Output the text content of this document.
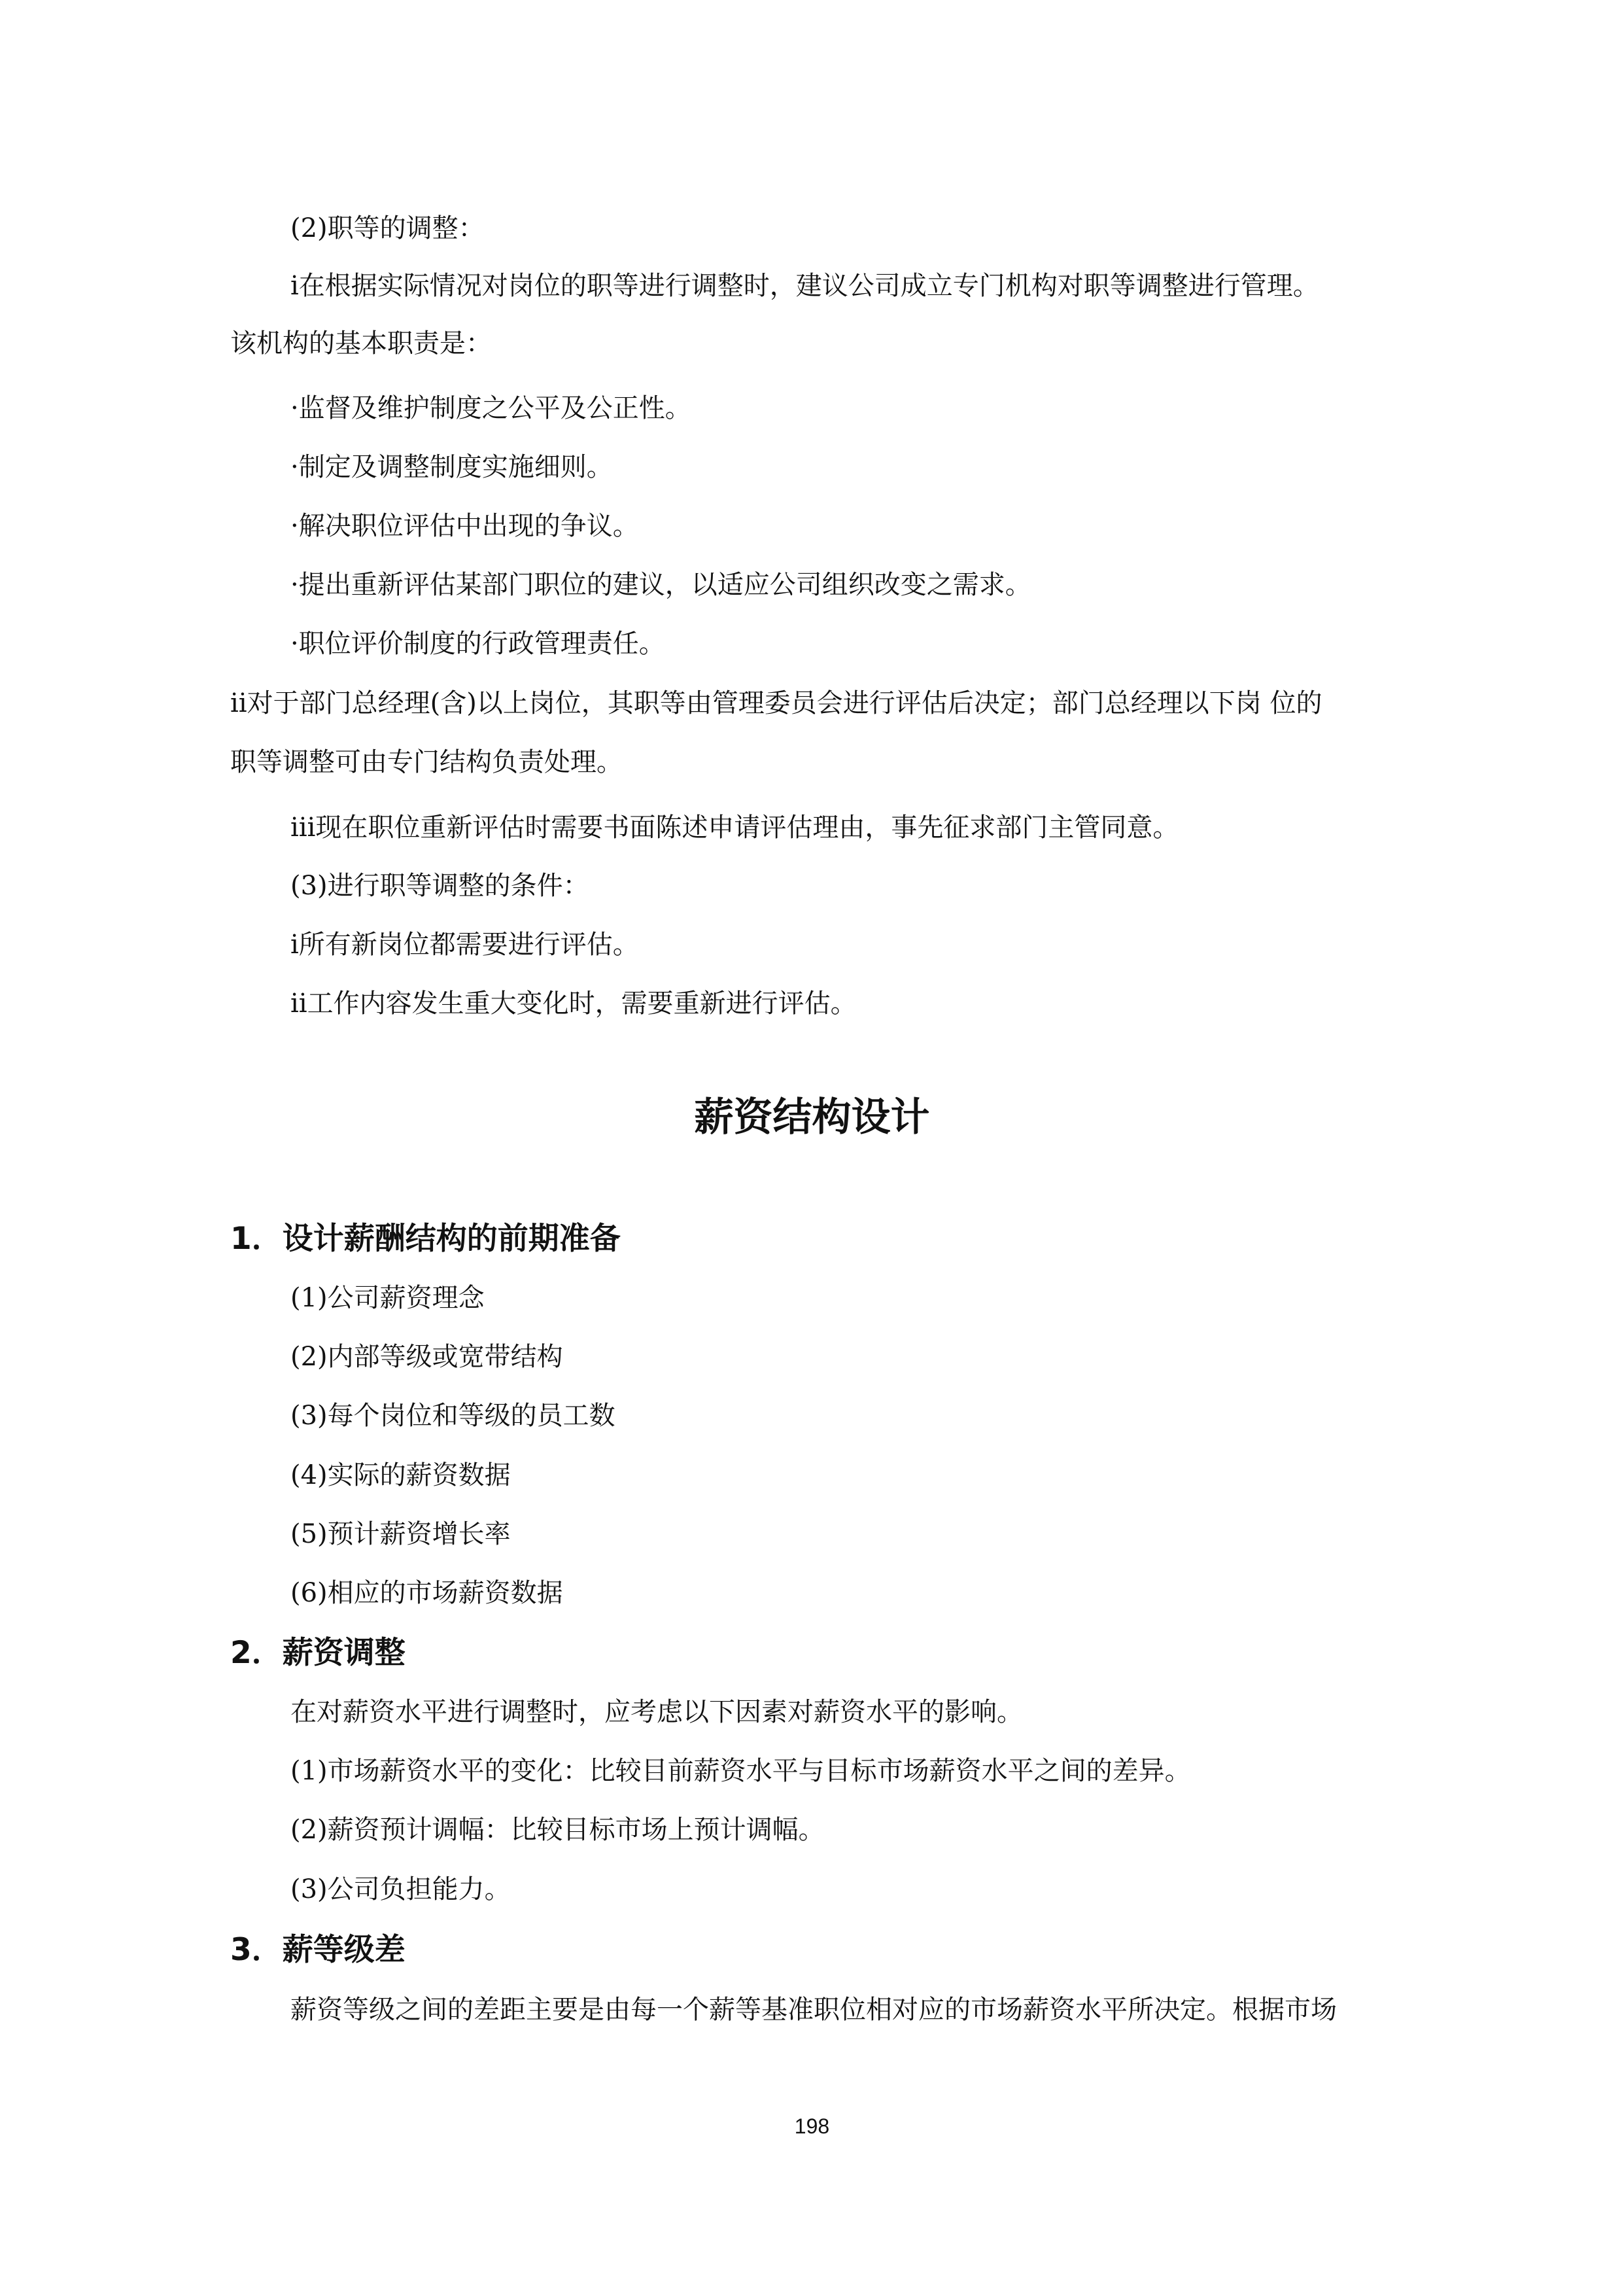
(2)职等的调整：

ⅰ在根据实际情况对岗位的职等进行调整时，建议公司成立专门机构对职等调整进行管理。

该机构的基本职责是：

·监督及维护制度之公平及公正性。

·制定及调整制度实施细则。

·解决职位评估中出现的争议。

·提出重新评估某部门职位的建议，以适应公司组织改变之需求。

·职位评价制度的行政管理责任。

ⅱ对于部门总经理(含)以上岗位，其职等由管理委员会进行评估后决定；部门总经理以下岗 位的

职等调整可由专门结构负责处理。

ⅲ现在职位重新评估时需要书面陈述申请评估理由，事先征求部门主管同意。

(3)进行职等调整的条件：

ⅰ所有新岗位都需要进行评估。

ⅱ工作内容发生重大变化时，需要重新进行评估。

薪资结构设计
1．设计薪酬结构的前期准备

(1)公司薪资理念

(2)内部等级或宽带结构

(3)每个岗位和等级的员工数

(4)实际的薪资数据

(5)预计薪资增长率

(6)相应的市场薪资数据

2．薪资调整

在对薪资水平进行调整时，应考虑以下因素对薪资水平的影响。

(1)市场薪资水平的变化：比较目前薪资水平与目标市场薪资水平之间的差异。

(2)薪资预计调幅：比较目标市场上预计调幅。

(3)公司负担能力。

3．薪等级差

薪资等级之间的差距主要是由每一个薪等基准职位相对应的市场薪资水平所决定。根据市场

198
